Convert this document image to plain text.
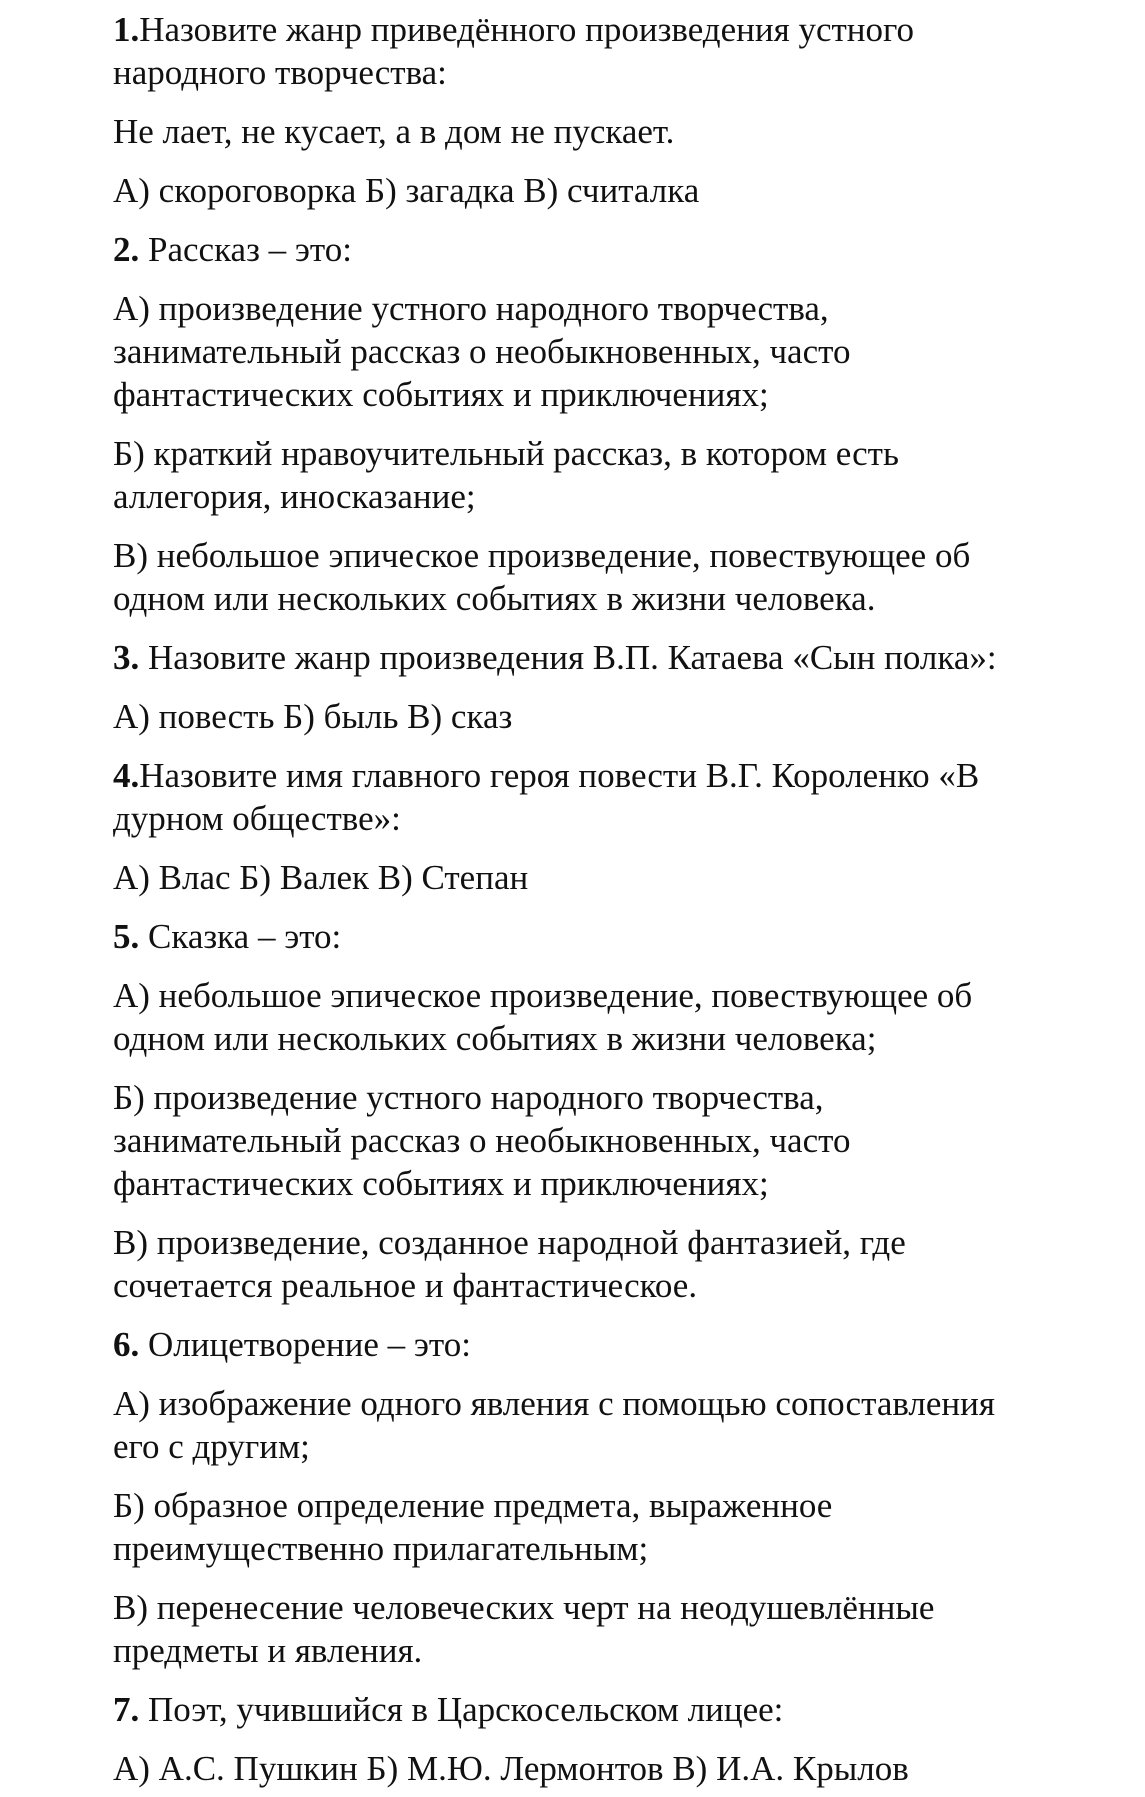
1.Назовите жанр приведённого произведения устного
народного творчества:

Не лает, не кусает, а в дом не пускает.

А) скороговорка Б) загадка В) считалка

2. Рассказ – это:

А) произведение устного народного творчества,
занимательный рассказ о необыкновенных, часто
фантастических событиях и приключениях;

Б) краткий нравоучительный рассказ, в котором есть
аллегория, иносказание;

В) небольшое эпическое произведение, повествующее об
одном или нескольких событиях в жизни человека.

3. Назовите жанр произведения В.П. Катаева «Сын полка»:

А) повесть Б) быль В) сказ

4.Назовите имя главного героя повести В.Г. Короленко «В
дурном обществе»:

А) Влас Б) Валек В) Степан

5. Сказка – это:

А) небольшое эпическое произведение, повествующее об
одном или нескольких событиях в жизни человека;

Б) произведение устного народного творчества,
занимательный рассказ о необыкновенных, часто
фантастических событиях и приключениях;

В) произведение, созданное народной фантазией, где
сочетается реальное и фантастическое.

6. Олицетворение – это:

А) изображение одного явления с помощью сопоставления
его с другим;

Б) образное определение предмета, выраженное
преимущественно прилагательным;

В) перенесение человеческих черт на неодушевлённые
предметы и явления.

7. Поэт, учившийся в Царскосельском лицее:

А) А.С. Пушкин Б) М.Ю. Лермонтов В) И.А. Крылов
